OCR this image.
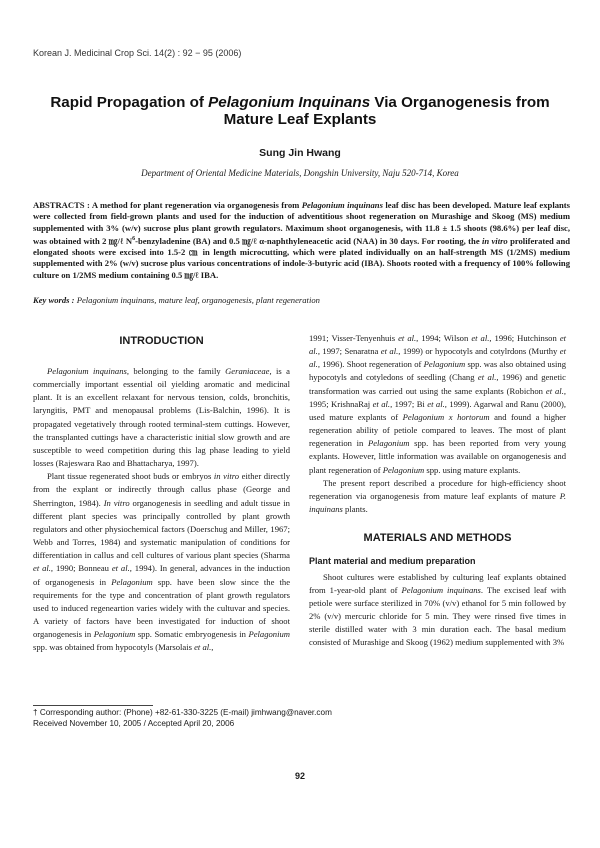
Korean J. Medicinal Crop Sci. 14(2) : 92 − 95 (2006)
Rapid Propagation of Pelagonium Inquinans Via Organogenesis from Mature Leaf Explants
Sung Jin Hwang
Department of Oriental Medicine Materials, Dongshin University, Naju 520-714, Korea
ABSTRACTS : A method for plant regeneration via organogenesis from Pelagonium inquinans leaf disc has been developed. Mature leaf explants were collected from field-grown plants and used for the induction of adventitious shoot regeneration on Murashige and Skoog (MS) medium supplemented with 3% (w/v) sucrose plus plant growth regulators. Maximum shoot organogenesis, with 11.8 ± 1.5 shoots (98.6%) per leaf disc, was obtained with 2 ㎎/ℓ $N^6$-benzyladenine (BA) and 0.5 ㎎/ℓ α-naphthyleneacetic acid (NAA) in 30 days. For rooting, the in vitro proliferated and elongated shoots were excised into 1.5-2 ㎝ in length microcutting, which were plated individually on an half-strength MS (1/2MS) medium supplemented with 2% (w/v) sucrose plus various concentrations of indole-3-butyric acid (IBA). Shoots rooted with a frequency of 100% following culture on 1/2MS medium containing 0.5 ㎎/ℓ IBA.
Key words : Pelagonium inquinans, mature leaf, organogenesis, plant regeneration
INTRODUCTION

Pelagonium inquinans, belonging to the family Geraniaceae, is a commercially important essential oil yielding aromatic and medicinal plant. It is an excellent relaxant for nervous tension, colds, bronchitis, laryngitis, PMT and menopausal problems (Lis-Balchin, 1996). It is propagated vegetatively through rooted terminal-stem cuttings. However, the transplanted cuttings have a characteristic initial slow growth and are susceptible to weed competition during this lag phase leading to yield losses (Rajeswara Rao and Bhattacharya, 1997).

Plant tissue regenerated shoot buds or embryos in vitro either directly from the explant or indirectly through callus phase (George and Sherrington, 1984). In vitro organogenesis in seedling and adult tissue in different plant species was principally controlled by plant growth regulators and other physiochemical factors (Doerschug and Miller, 1967; Webb and Torres, 1984) and systematic manipulation of conditions for differentiation in callus and cell cultures of various plant species (Sharma et al., 1990; Bonneau et al., 1994). In general, advances in the induction of organogenesis in Pelagonium spp. have been slow since the the requirements for the type and concentration of plant growth regulators used to induced regeneartion varies widely with the cultuvar and species. A variety of factors have been investigated for induction of shoot organogenesis in Pelagonium spp. Somatic embryogenesis in Pelagonium spp. was obtained from hypocotyls (Marsolais et al.,

1991; Visser-Tenyenhuis et al., 1994; Wilson et al., 1996; Hutchinson et al., 1997; Senaratna et al., 1999) or hypocotyls and cotylrdons (Murthy et al., 1996). Shoot regeneration of Pelagonium spp. was also obtained using hypocotyls and cotyledons of seedling (Chang et al., 1996) and genetic transformation was carried out using the same explants (Robichon et al., 1995; KrishnaRaj et al., 1997; Bi et al., 1999). Agarwal and Ranu (2000), used mature explants of Pelagonium x hortorum and found a higher regeneration ability of petiole compared to leaves. The most of plant regeneration in Pelagonium spp. has been reported from very young explants. However, little information was available on organogenesis and plant regeneration of Pelagonium spp. using mature explants.

The present report described a procedure for high-efficiency shoot regeneration via organogenesis from mature leaf explants of mature P. inquinans plants.

MATERIALS AND METHODS

Plant material and medium preparation

Shoot cultures were established by culturing leaf explants obtained from 1-year-old plant of Pelagonium inquinans. The excised leaf with petiole were surface sterilized in 70% (v/v) ethanol for 5 min followed by 2% (v/v) mercuric chloride for 5 min. They were rinsed five times in sterile distilled water with 3 min duration each. The basal medium consisted of Murashige and Skoog (1962) medium supplemented with 3%

† Corresponding author: (Phone) +82-61-330-3225 (E-mail) jimhwang@naver.com
Received November 10, 2005 / Accepted April 20, 2006
92
